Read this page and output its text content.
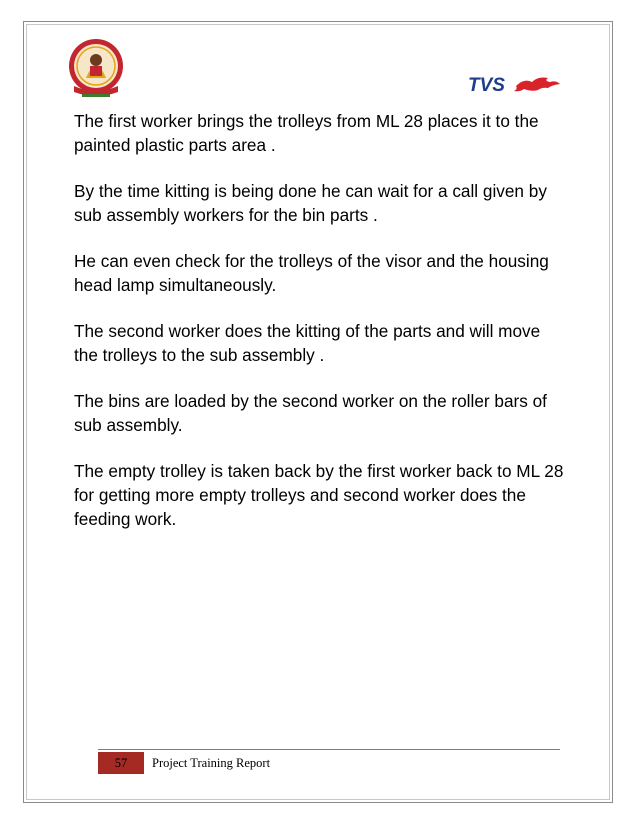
TVS

The first worker brings the trolleys from ML 28 places it to the painted plastic parts area .

By the time kitting is being done he can wait for a call given by sub assembly workers for the bin parts .

He can even check for the trolleys of the visor and the housing head lamp simultaneously.

The second worker does the kitting of the parts and will move the trolleys to the sub assembly .

The bins are loaded by the second worker on the roller bars of sub assembly.

The empty trolley is taken back by the first worker back to ML 28 for getting more empty trolleys and second worker does the feeding work.

57	Project Training Report
